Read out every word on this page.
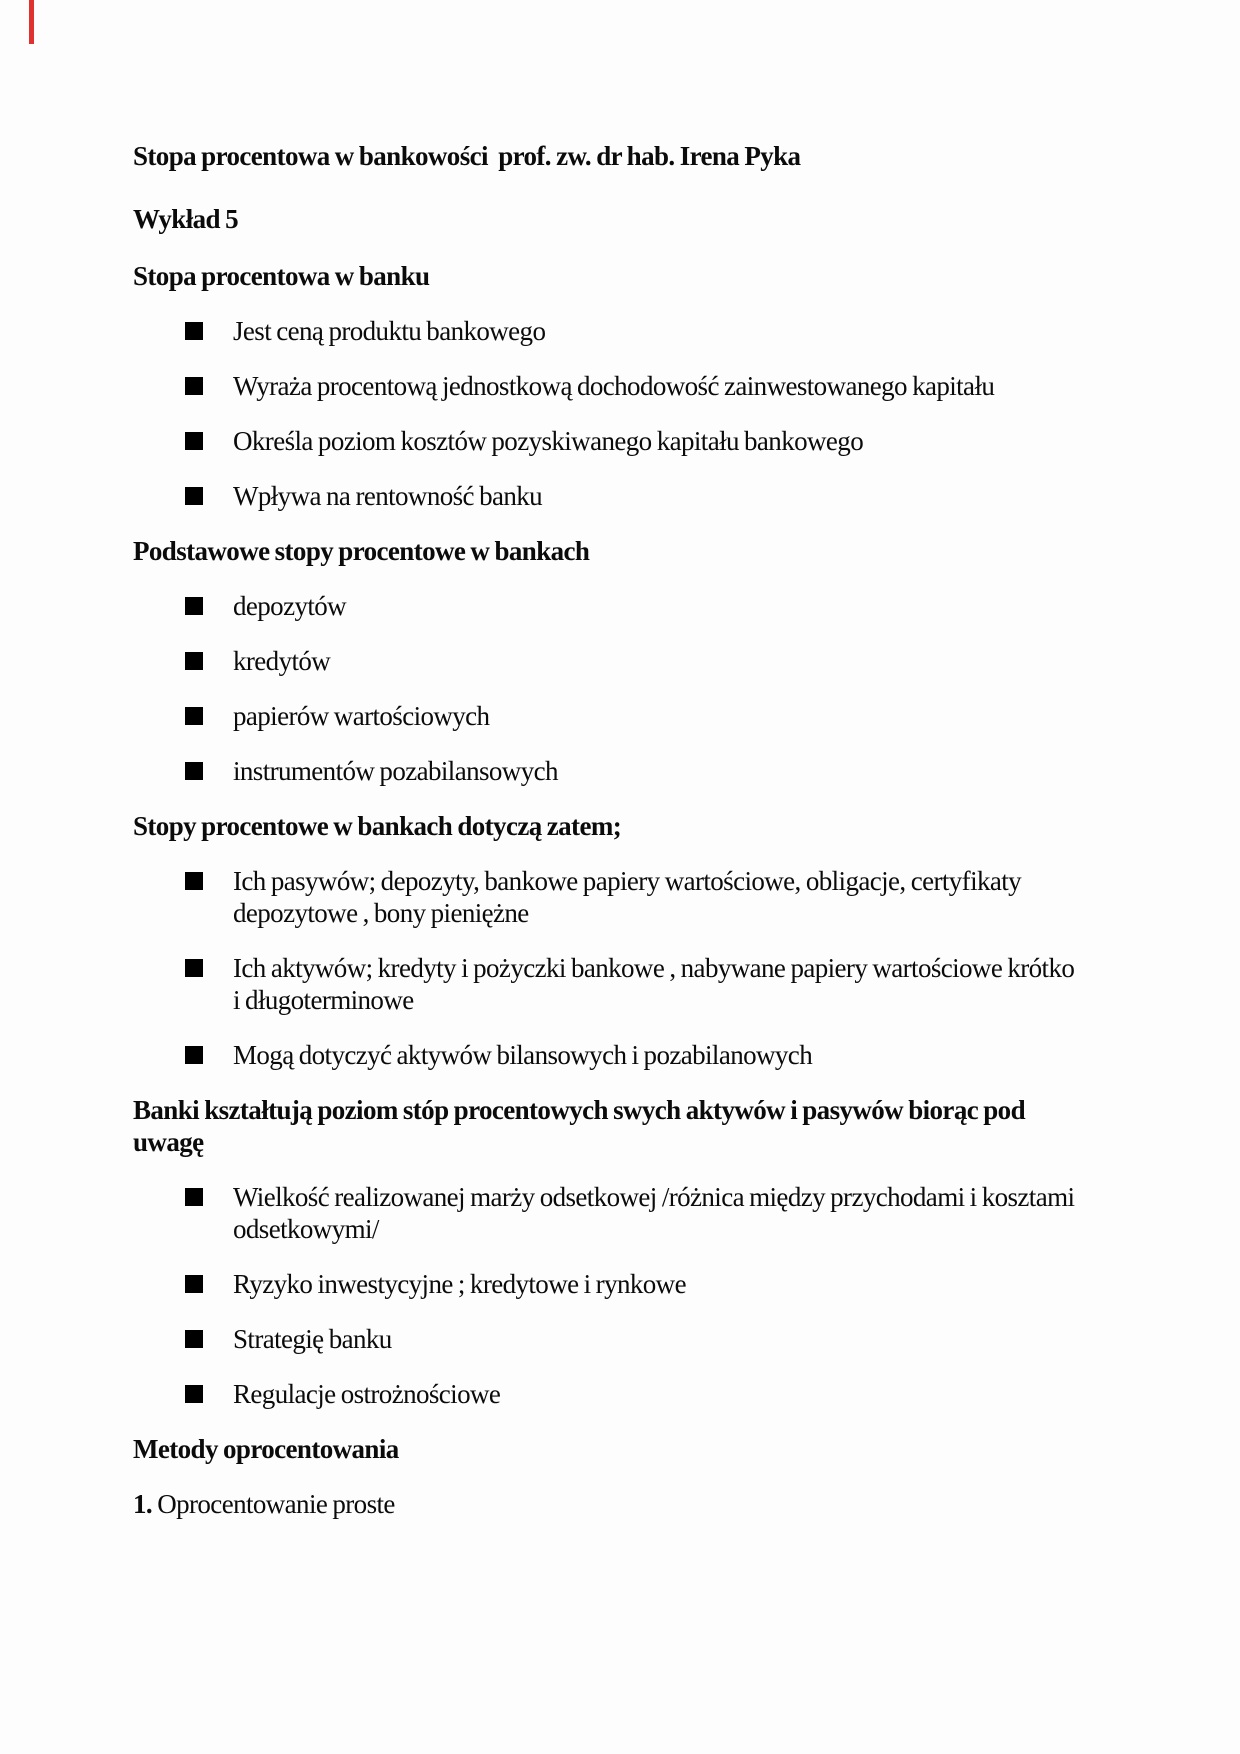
Stopa procentowa w bankowości  prof. zw. dr hab. Irena Pyka

Wykład 5

Stopa procentowa w banku

Jest ceną produktu bankowego
Wyraża procentową jednostkową dochodowość zainwestowanego kapitału
Określa poziom kosztów pozyskiwanego kapitału bankowego
Wpływa na rentowność banku

Podstawowe stopy procentowe w bankach

depozytów
kredytów
papierów wartościowych
instrumentów pozabilansowych

Stopy procentowe w bankach dotyczą zatem;

Ich pasywów; depozyty, bankowe papiery wartościowe, obligacje, certyfikaty depozytowe , bony pieniężne
Ich aktywów; kredyty i pożyczki bankowe , nabywane papiery wartościowe krótko i długoterminowe
Mogą dotyczyć aktywów bilansowych i pozabilanowych

Banki kształtują poziom stóp procentowych swych aktywów i pasywów biorąc pod uwagę

Wielkość realizowanej marży odsetkowej /różnica między przychodami i kosztami odsetkowymi/
Ryzyko inwestycyjne ; kredytowe i rynkowe
Strategię banku
Regulacje ostrożnościowe

Metody oprocentowania

1. Oprocentowanie proste
